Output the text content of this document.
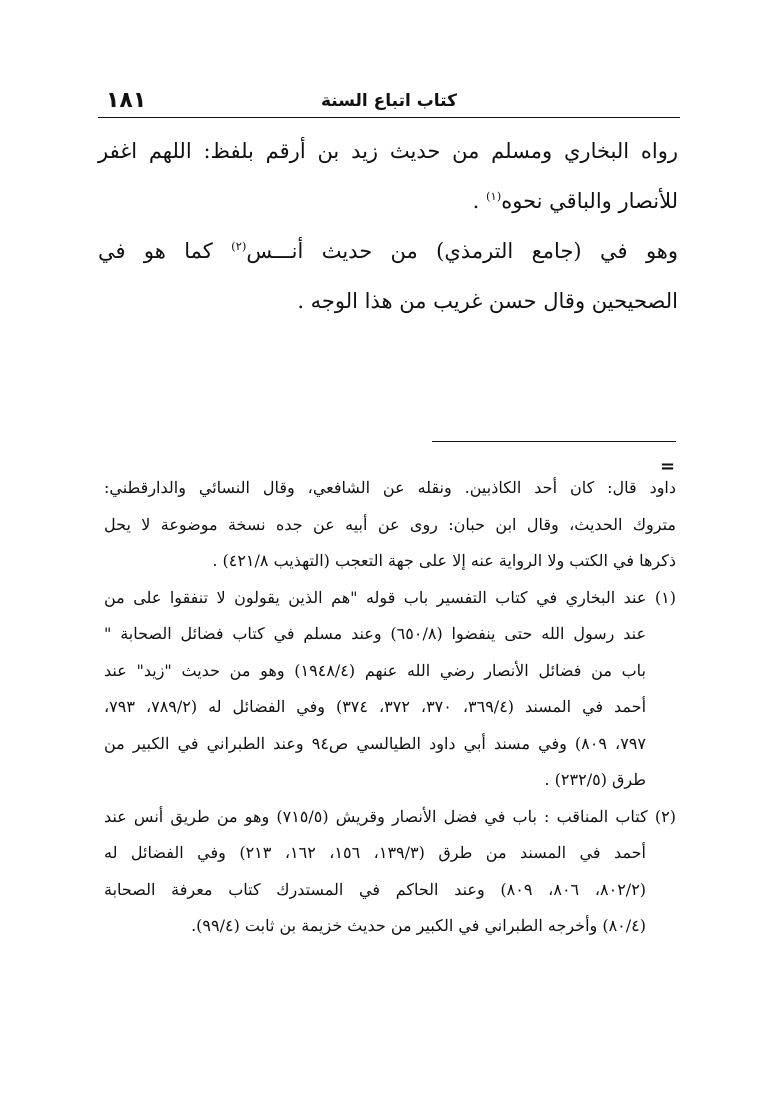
١٨١	كتاب اتباع السنة

رواه البخاري ومسلم من حديث زيد بن أرقم بلفظ: اللهم اغفر
للأنصار والباقي نحوه$^{(١)}$ .

وهو في (جامع الترمذي) من حديث أنـــس$^{(٢)}$ كما هو في
الصحيحين وقال حسن غريب من هذا الوجه .

=
داود قال: كان أحد الكاذبين. ونقله عن الشافعي، وقال النسائي والدارقطني:
متروك الحديث، وقال ابن حبان: روى عن أبيه عن جده نسخة موضوعة لا يحل
ذكرها في الكتب ولا الرواية عنه إلا على جهة التعجب (التهذيب ٤٢١/٨) .
(١) عند البخاري في كتاب التفسير باب قوله "هم الذين يقولون لا تنفقوا على من
عند رسول الله حتى ينفضوا (٦٥٠/٨) وعند مسلم في كتاب فضائل الصحابة "
باب من فضائل الأنصار رضي الله عنهم (١٩٤٨/٤) وهو من حديث "زيد" عند
أحمد في المسند (٣٦٩/٤، ٣٧٠، ٣٧٢، ٣٧٤) وفي الفضائل له (٧٨٩/٢، ٧٩٣،
٧٩٧، ٨٠٩) وفي مسند أبي داود الطيالسي ص٩٤ وعند الطبراني في الكبير من
طرق (٢٣٢/٥) .
(٢) كتاب المناقب : باب في فضل الأنصار وقريش (٧١٥/٥) وهو من طريق أنس عند
أحمد في المسند من طرق (١٣٩/٣، ١٥٦، ١٦٢، ٢١٣) وفي الفضائل له
(٨٠٢/٢، ٨٠٦، ٨٠٩) وعند الحاكم في المستدرك كتاب معرفة الصحابة
(٨٠/٤) وأخرجه الطبراني في الكبير من حديث خزيمة بن ثابت (٩٩/٤).
